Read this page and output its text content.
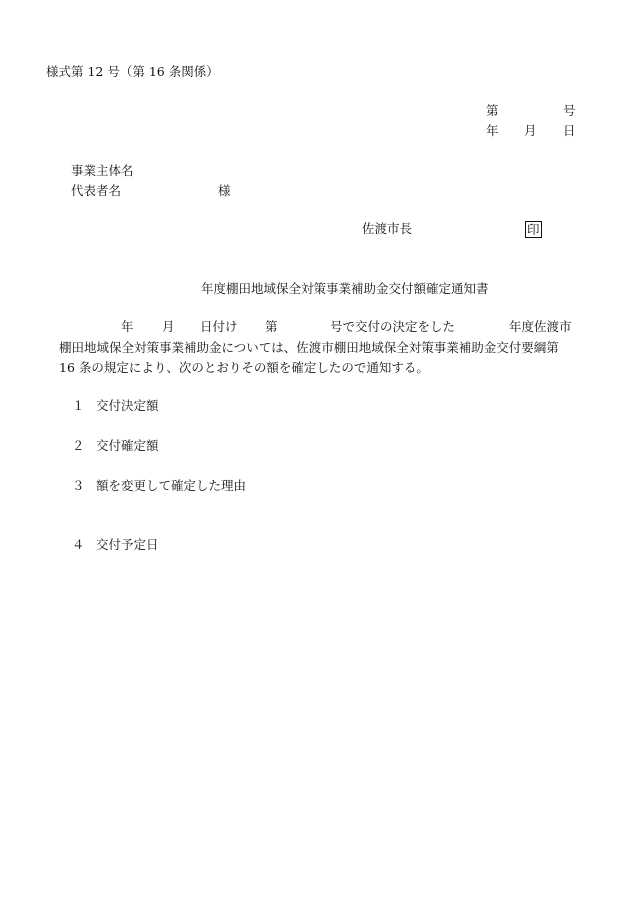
様式第 12 号（第 16 条関係）
第	号
年 月 日
事業主体名
代表者名	様
佐渡市長	印
年度棚田地域保全対策事業補助金交付額確定通知書
年 月 日付け 第	号で交付の決定をした	年度佐渡市
棚田地域保全対策事業補助金については、佐渡市棚田地域保全対策事業補助金交付要綱第
16 条の規定により、次のとおりその額を確定したので通知する。
１ 交付決定額
２ 交付確定額
３ 額を変更して確定した理由
４ 交付予定日
